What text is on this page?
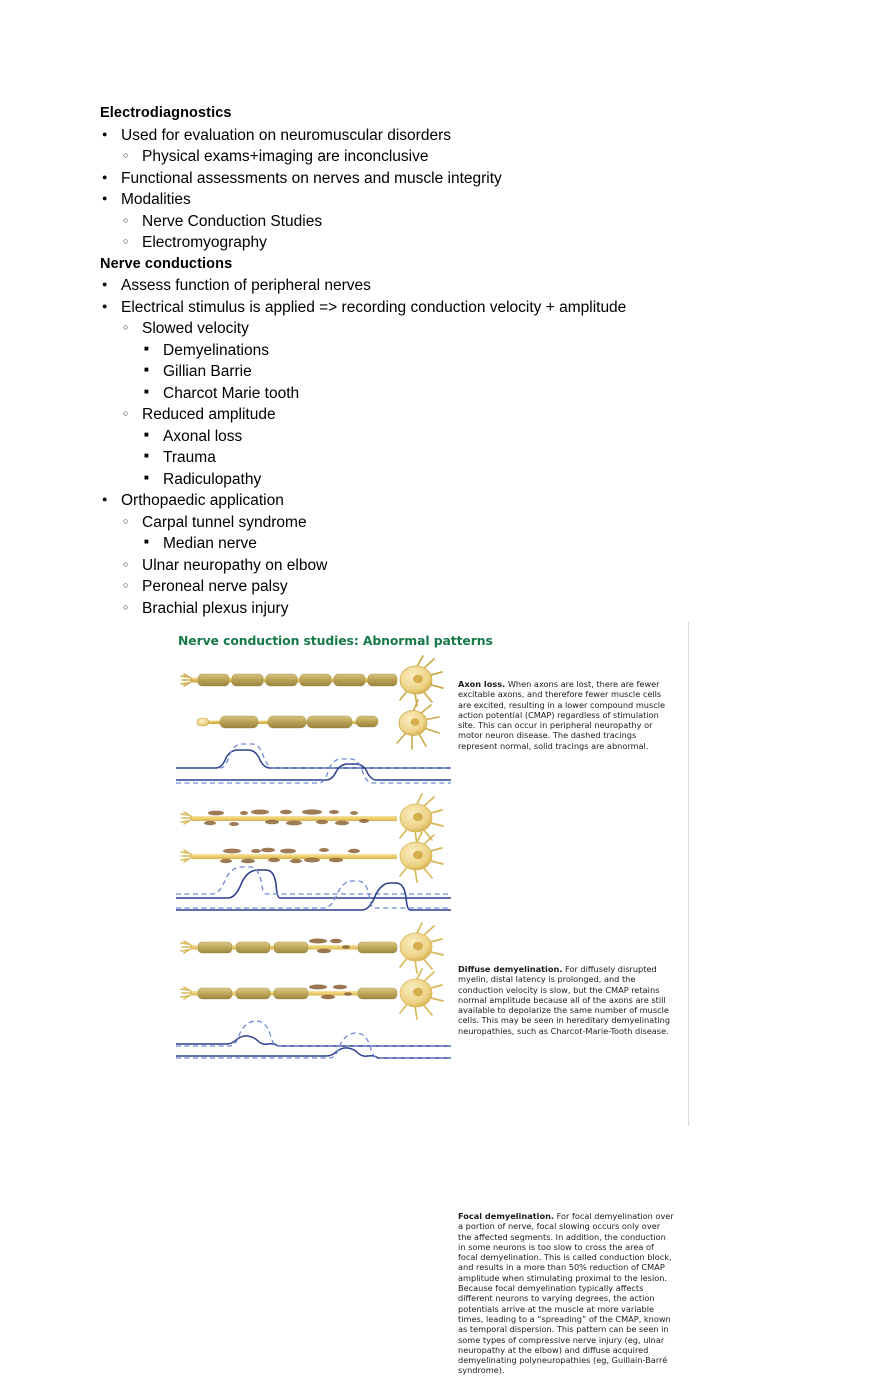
Electrodiagnostics
●
Used for evaluation on neuromuscular disorders
○
Physical exams+imaging are inconclusive
●
Functional assessments on nerves and muscle integrity
●
Modalities
○
Nerve Conduction Studies
○
Electromyography
Nerve conductions
●
Assess function of peripheral nerves
●
Electrical stimulus is applied => recording conduction velocity + amplitude
○
Slowed velocity
■
Demyelinations
■
Gillian Barrie
■
Charcot Marie tooth
○
Reduced amplitude
■
Axonal loss
■
Trauma
■
Radiculopathy
●
Orthopaedic application
○
Carpal tunnel syndrome
■
Median nerve
○
Ulnar neuropathy on elbow
○
Peroneal nerve palsy
○
Brachial plexus injury
Nerve conduction studies: Abnormal patterns
Axon loss. When axons are lost, there are fewer excitable axons, and therefore fewer muscle cells are excited, resulting in a lower compound muscle action potential (CMAP) regardless of stimulation site. This can occur in peripheral neuropathy or motor neuron disease. The dashed tracings represent normal, solid tracings are abnormal.
Diffuse demyelination. For diffusely disrupted myelin, distal latency is prolonged, and the conduction velocity is slow, but the CMAP retains normal amplitude because all of the axons are still available to depolarize the same number of muscle cells. This may be seen in hereditary demyelinating neuropathies, such as Charcot-Marie-Tooth disease.
Focal demyelination. For focal demyelination over a portion of nerve, focal slowing occurs only over the affected segments. In addition, the conduction in some neurons is too slow to cross the area of focal demyelination. This is called conduction block, and results in a more than 50% reduction of CMAP amplitude when stimulating proximal to the lesion. Because focal demyelination typically affects different neurons to varying degrees, the action potentials arrive at the muscle at more variable times, leading to a “spreading” of the CMAP, known as temporal dispersion. This pattern can be seen in some types of compressive nerve injury (eg, ulnar neuropathy at the elbow) and diffuse acquired demyelinating polyneuropathies (eg, Guillain-Barré syndrome).
